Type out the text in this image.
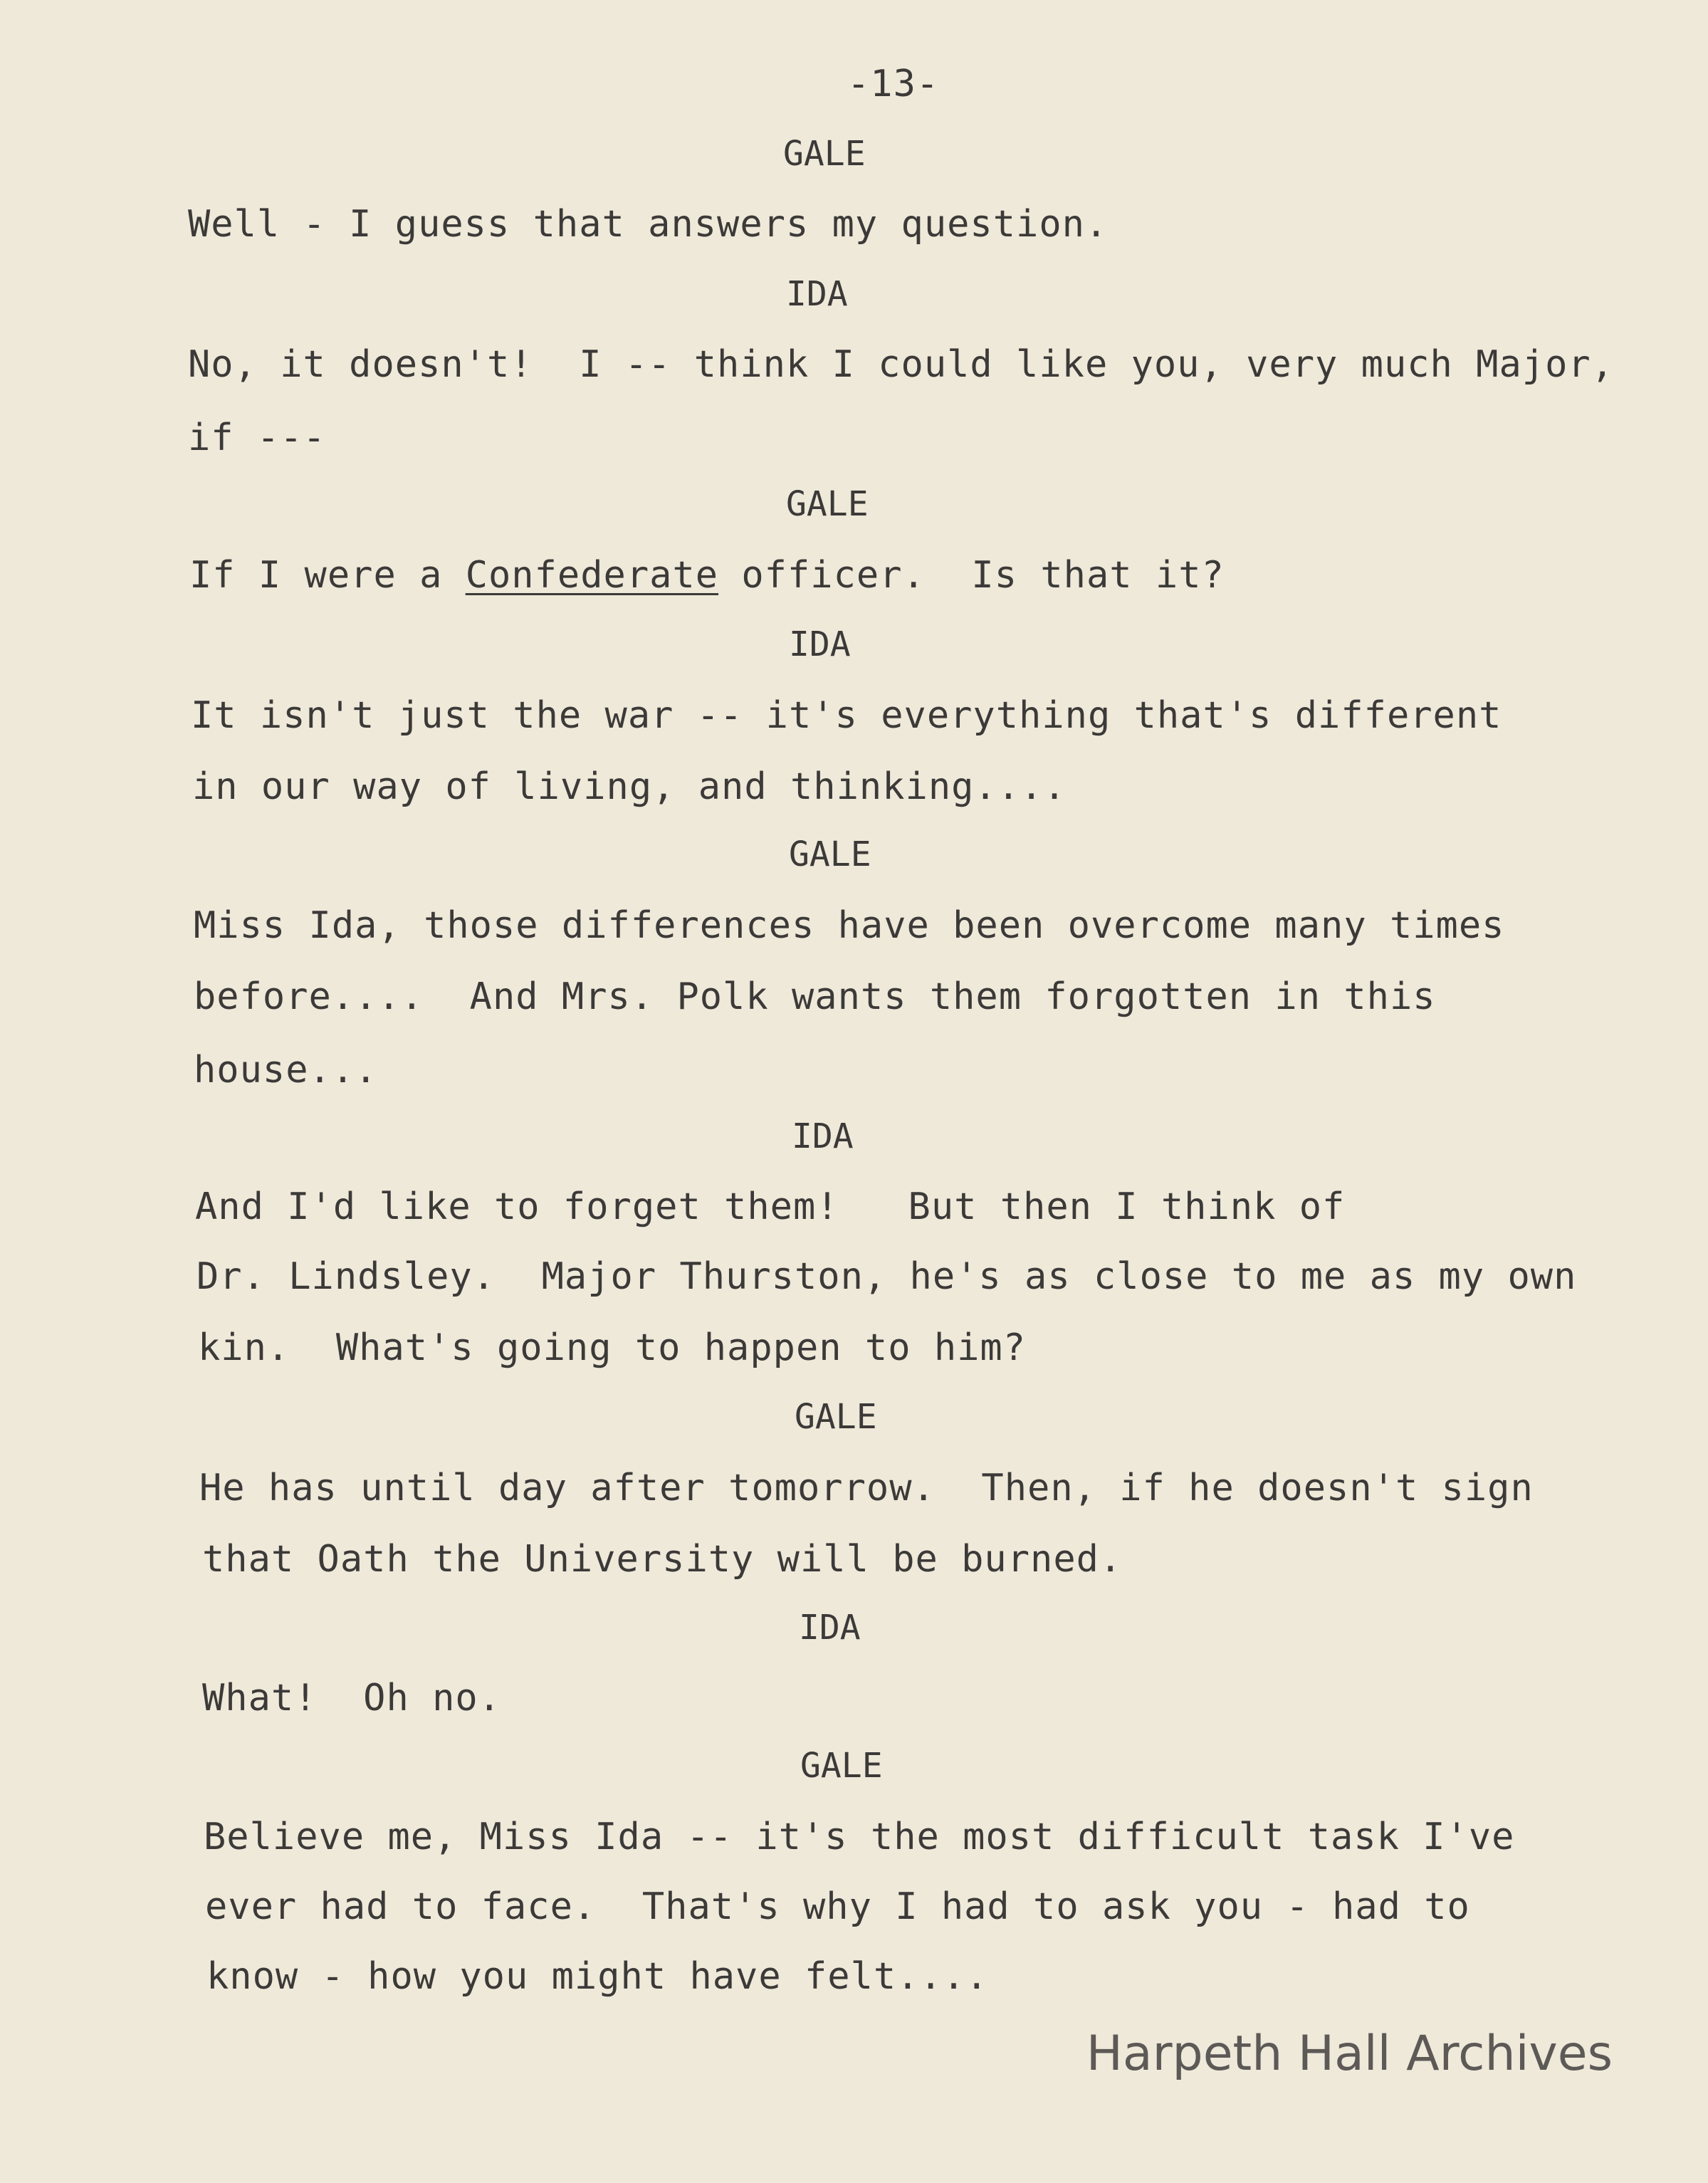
-13-
GALE
Well - I guess that answers my question.
IDA
No, it doesn't!  I -- think I could like you, very much Major,
if ---
GALE
If I were a Confederate officer.  Is that it?
IDA
It isn't just the war -- it's everything that's different
in our way of living, and thinking....
GALE
Miss Ida, those differences have been overcome many times
before....  And Mrs. Polk wants them forgotten in this
house...
IDA
And I'd like to forget them!   But then I think of
Dr. Lindsley.  Major Thurston, he's as close to me as my own
kin.  What's going to happen to him?
GALE
He has until day after tomorrow.  Then, if he doesn't sign
that Oath the University will be burned.
IDA
What!  Oh no.
GALE
Believe me, Miss Ida -- it's the most difficult task I've
ever had to face.  That's why I had to ask you - had to
know - how you might have felt....
Harpeth Hall Archives
